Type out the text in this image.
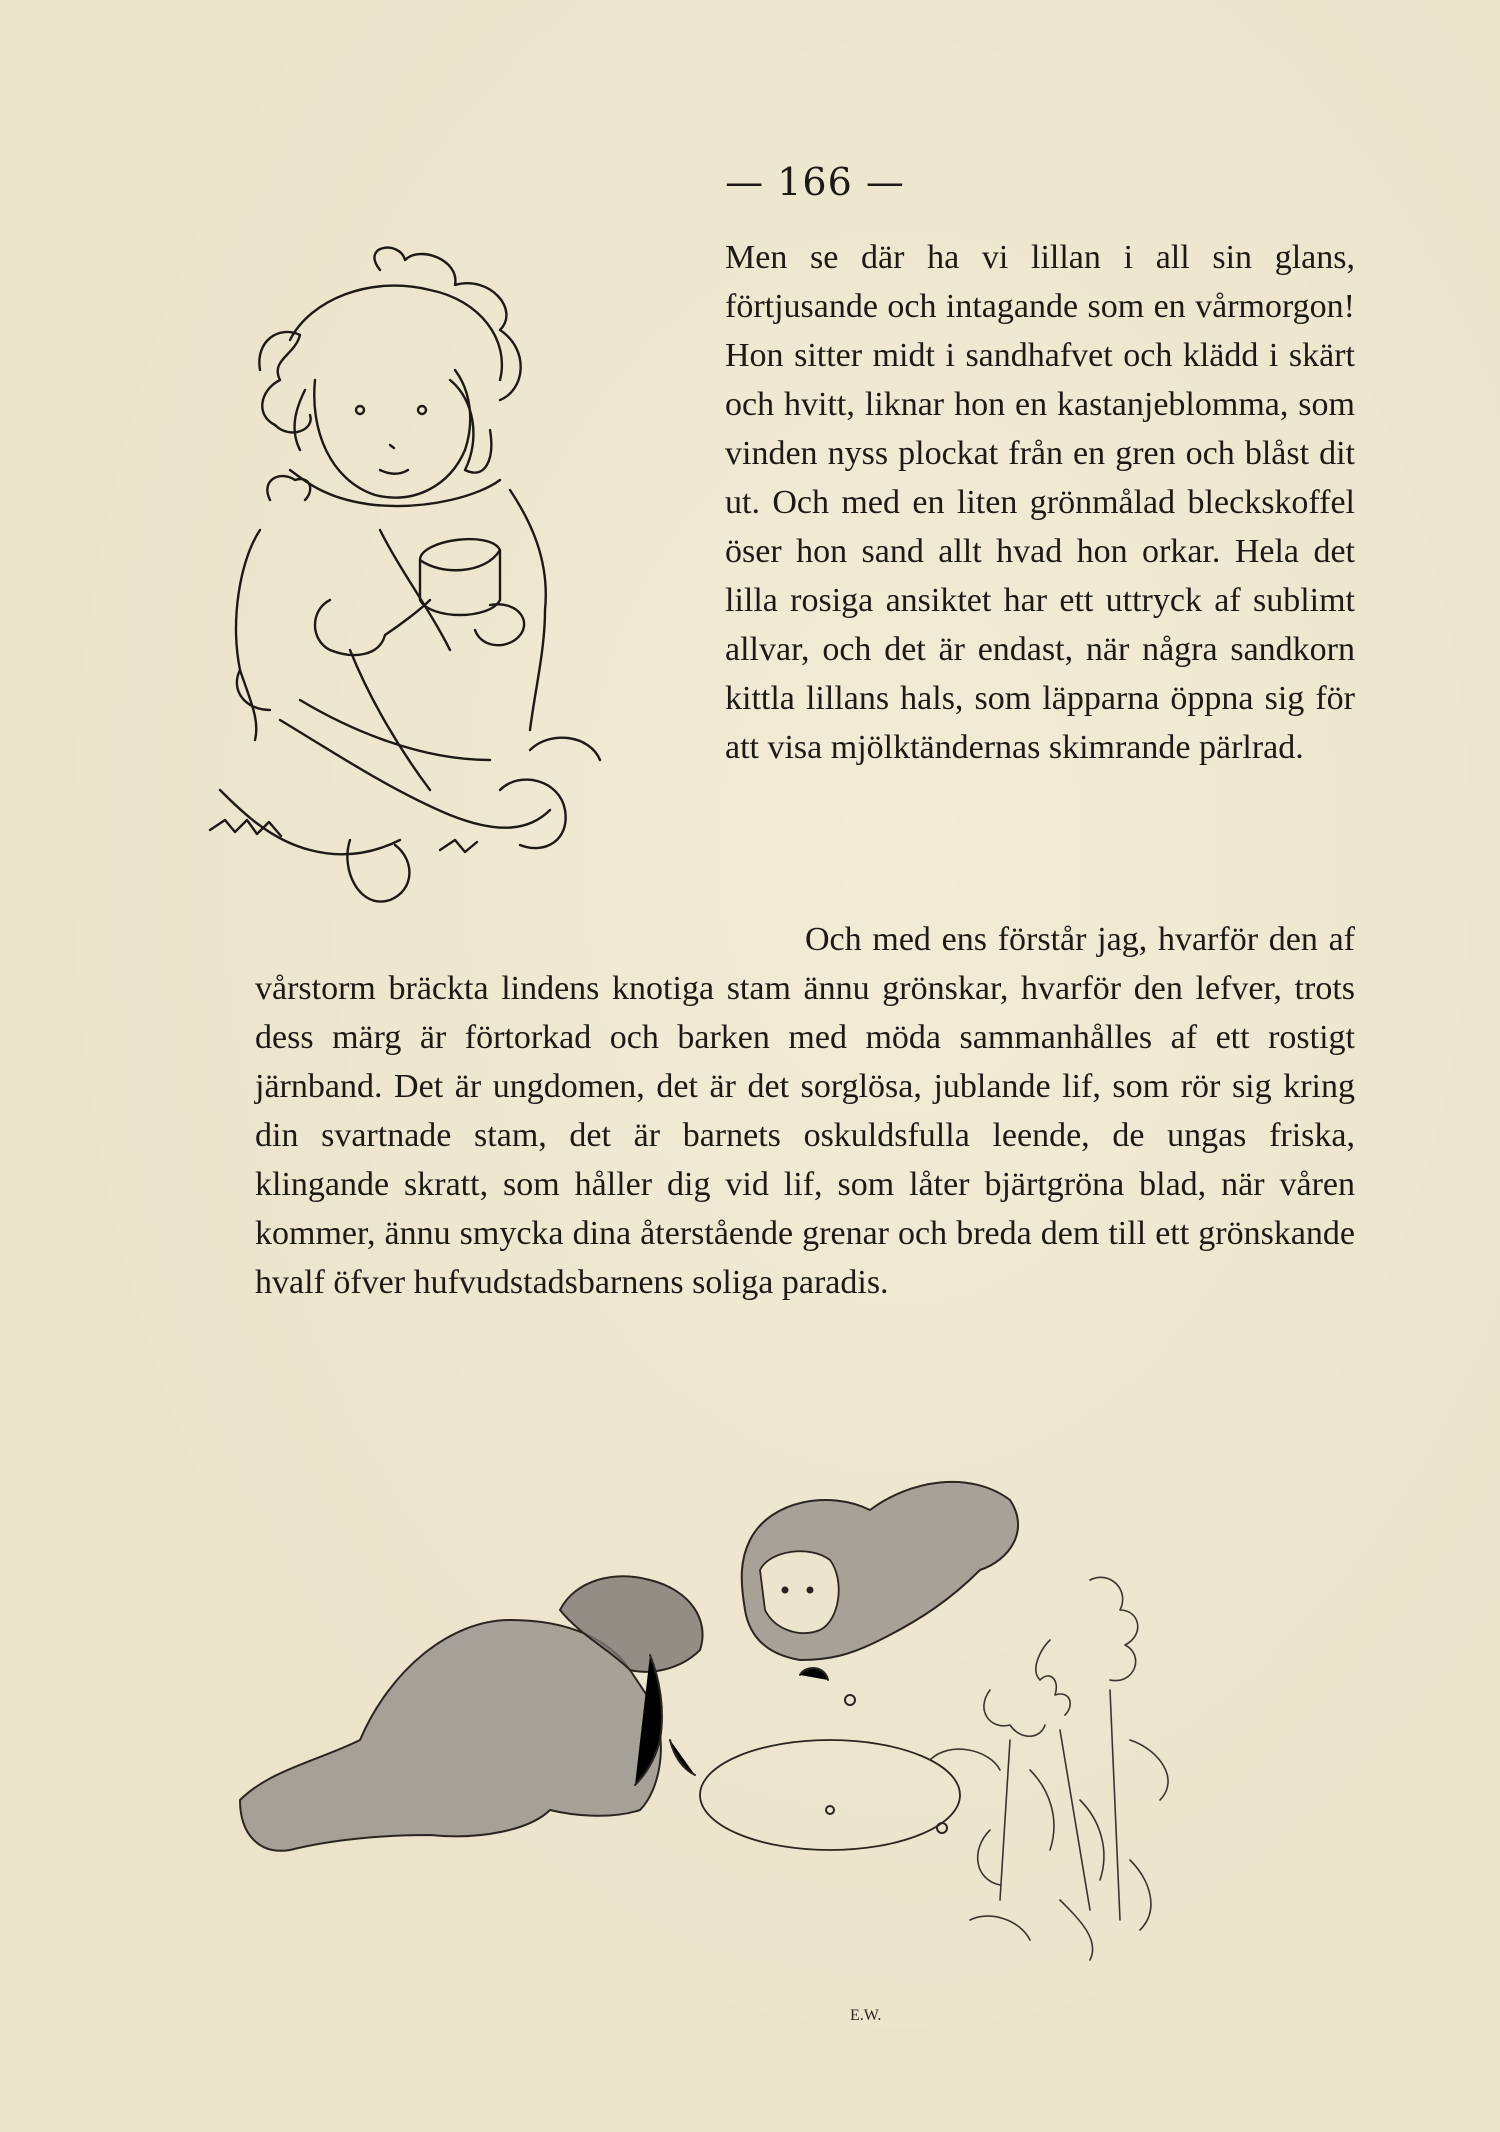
— 166 —
Men se där ha vi lillan i all sin glans, förtjusande och intagande som en vårmorgon! Hon sitter midt i sandhafvet och klädd i skärt och hvitt, liknar hon en kastanjeblomma, som vinden nyss plockat från en gren och blåst dit ut. Och med en liten grönmålad bleckskoffel öser hon sand allt hvad hon orkar. Hela det lilla rosiga ansiktet har ett uttryck af sublimt allvar, och det är endast, när några sandkorn kittla lillans hals, som läpparna öppna sig för att visa mjölktändernas skimrande pärlrad.
Och med ens förstår jag, hvarför den af vårstorm bräckta lindens knotiga stam ännu grönskar, hvarför den lefver, trots dess märg är förtorkad och barken med möda sammanhålles af ett rostigt järnband. Det är ungdomen, det är det sorglösa, jublande lif, som rör sig kring din svartnade stam, det är barnets oskuldsfulla leende, de ungas friska, klingande skratt, som håller dig vid lif, som låter bjärtgröna blad, när våren kommer, ännu smycka dina återstående grenar och breda dem till ett grönskande hvalf öfver hufvudstadsbarnens soliga paradis.
E.W.
